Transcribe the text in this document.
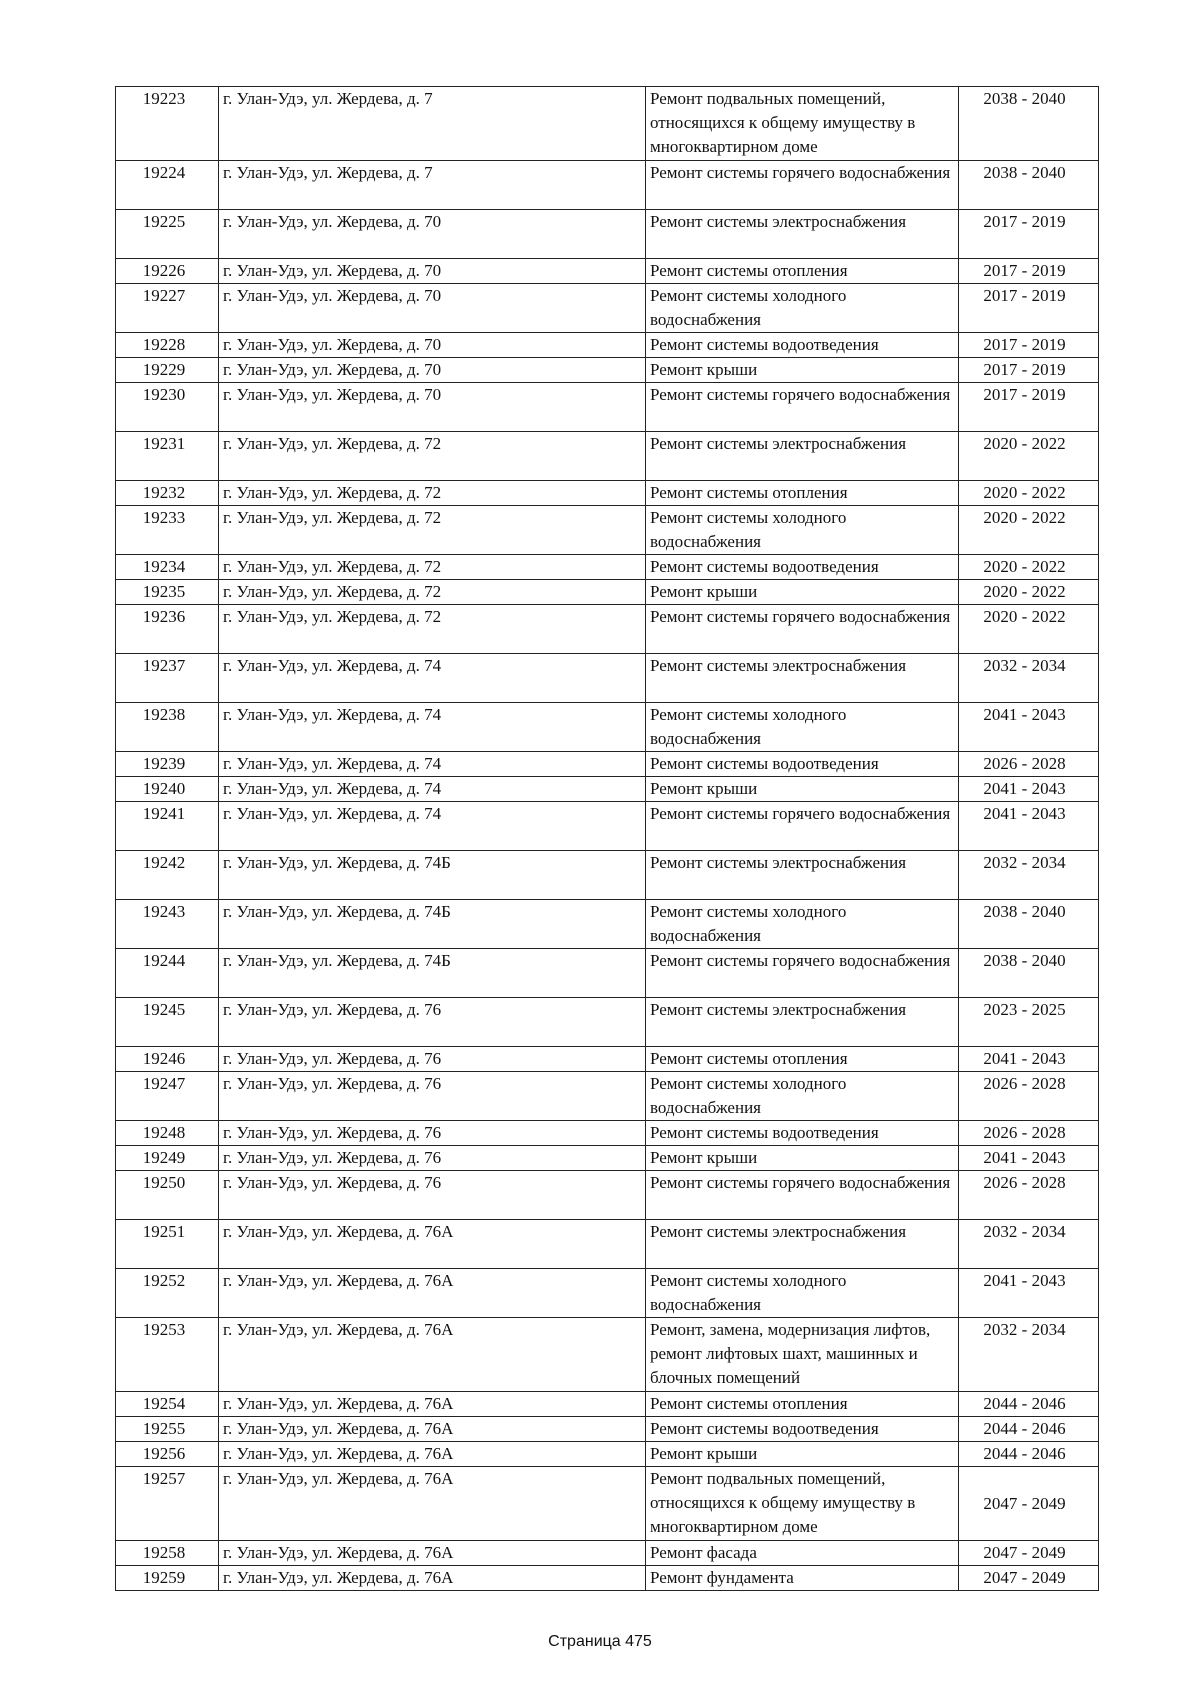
19223	г. Улан-Удэ, ул. Жердева, д. 7	Ремонт подвальных помещений, относящихся к общему имуществу в многоквартирном доме	2038 - 2040
19224	г. Улан-Удэ, ул. Жердева, д. 7	Ремонт системы горячего водоснабжения	2038 - 2040
19225	г. Улан-Удэ, ул. Жердева, д. 70	Ремонт системы электроснабжения	2017 - 2019
19226	г. Улан-Удэ, ул. Жердева, д. 70	Ремонт системы отопления	2017 - 2019
19227	г. Улан-Удэ, ул. Жердева, д. 70	Ремонт системы холодного водоснабжения	2017 - 2019
19228	г. Улан-Удэ, ул. Жердева, д. 70	Ремонт системы водоотведения	2017 - 2019
19229	г. Улан-Удэ, ул. Жердева, д. 70	Ремонт крыши	2017 - 2019
19230	г. Улан-Удэ, ул. Жердева, д. 70	Ремонт системы горячего водоснабжения	2017 - 2019
19231	г. Улан-Удэ, ул. Жердева, д. 72	Ремонт системы электроснабжения	2020 - 2022
19232	г. Улан-Удэ, ул. Жердева, д. 72	Ремонт системы отопления	2020 - 2022
19233	г. Улан-Удэ, ул. Жердева, д. 72	Ремонт системы холодного водоснабжения	2020 - 2022
19234	г. Улан-Удэ, ул. Жердева, д. 72	Ремонт системы водоотведения	2020 - 2022
19235	г. Улан-Удэ, ул. Жердева, д. 72	Ремонт крыши	2020 - 2022
19236	г. Улан-Удэ, ул. Жердева, д. 72	Ремонт системы горячего водоснабжения	2020 - 2022
19237	г. Улан-Удэ, ул. Жердева, д. 74	Ремонт системы электроснабжения	2032 - 2034
19238	г. Улан-Удэ, ул. Жердева, д. 74	Ремонт системы холодного водоснабжения	2041 - 2043
19239	г. Улан-Удэ, ул. Жердева, д. 74	Ремонт системы водоотведения	2026 - 2028
19240	г. Улан-Удэ, ул. Жердева, д. 74	Ремонт крыши	2041 - 2043
19241	г. Улан-Удэ, ул. Жердева, д. 74	Ремонт системы горячего водоснабжения	2041 - 2043
19242	г. Улан-Удэ, ул. Жердева, д. 74Б	Ремонт системы электроснабжения	2032 - 2034
19243	г. Улан-Удэ, ул. Жердева, д. 74Б	Ремонт системы холодного водоснабжения	2038 - 2040
19244	г. Улан-Удэ, ул. Жердева, д. 74Б	Ремонт системы горячего водоснабжения	2038 - 2040
19245	г. Улан-Удэ, ул. Жердева, д. 76	Ремонт системы электроснабжения	2023 - 2025
19246	г. Улан-Удэ, ул. Жердева, д. 76	Ремонт системы отопления	2041 - 2043
19247	г. Улан-Удэ, ул. Жердева, д. 76	Ремонт системы холодного водоснабжения	2026 - 2028
19248	г. Улан-Удэ, ул. Жердева, д. 76	Ремонт системы водоотведения	2026 - 2028
19249	г. Улан-Удэ, ул. Жердева, д. 76	Ремонт крыши	2041 - 2043
19250	г. Улан-Удэ, ул. Жердева, д. 76	Ремонт системы горячего водоснабжения	2026 - 2028
19251	г. Улан-Удэ, ул. Жердева, д. 76А	Ремонт системы электроснабжения	2032 - 2034
19252	г. Улан-Удэ, ул. Жердева, д. 76А	Ремонт системы холодного водоснабжения	2041 - 2043
19253	г. Улан-Удэ, ул. Жердева, д. 76А	Ремонт, замена, модернизация лифтов, ремонт лифтовых шахт, машинных и блочных помещений	2032 - 2034
19254	г. Улан-Удэ, ул. Жердева, д. 76А	Ремонт системы отопления	2044 - 2046
19255	г. Улан-Удэ, ул. Жердева, д. 76А	Ремонт системы водоотведения	2044 - 2046
19256	г. Улан-Удэ, ул. Жердева, д. 76А	Ремонт крыши	2044 - 2046
19257	г. Улан-Удэ, ул. Жердева, д. 76А	Ремонт подвальных помещений, относящихся к общему имуществу в многоквартирном доме	2047 - 2049
19258	г. Улан-Удэ, ул. Жердева, д. 76А	Ремонт фасада	2047 - 2049
19259	г. Улан-Удэ, ул. Жердева, д. 76А	Ремонт фундамента	2047 - 2049
Страница 475
